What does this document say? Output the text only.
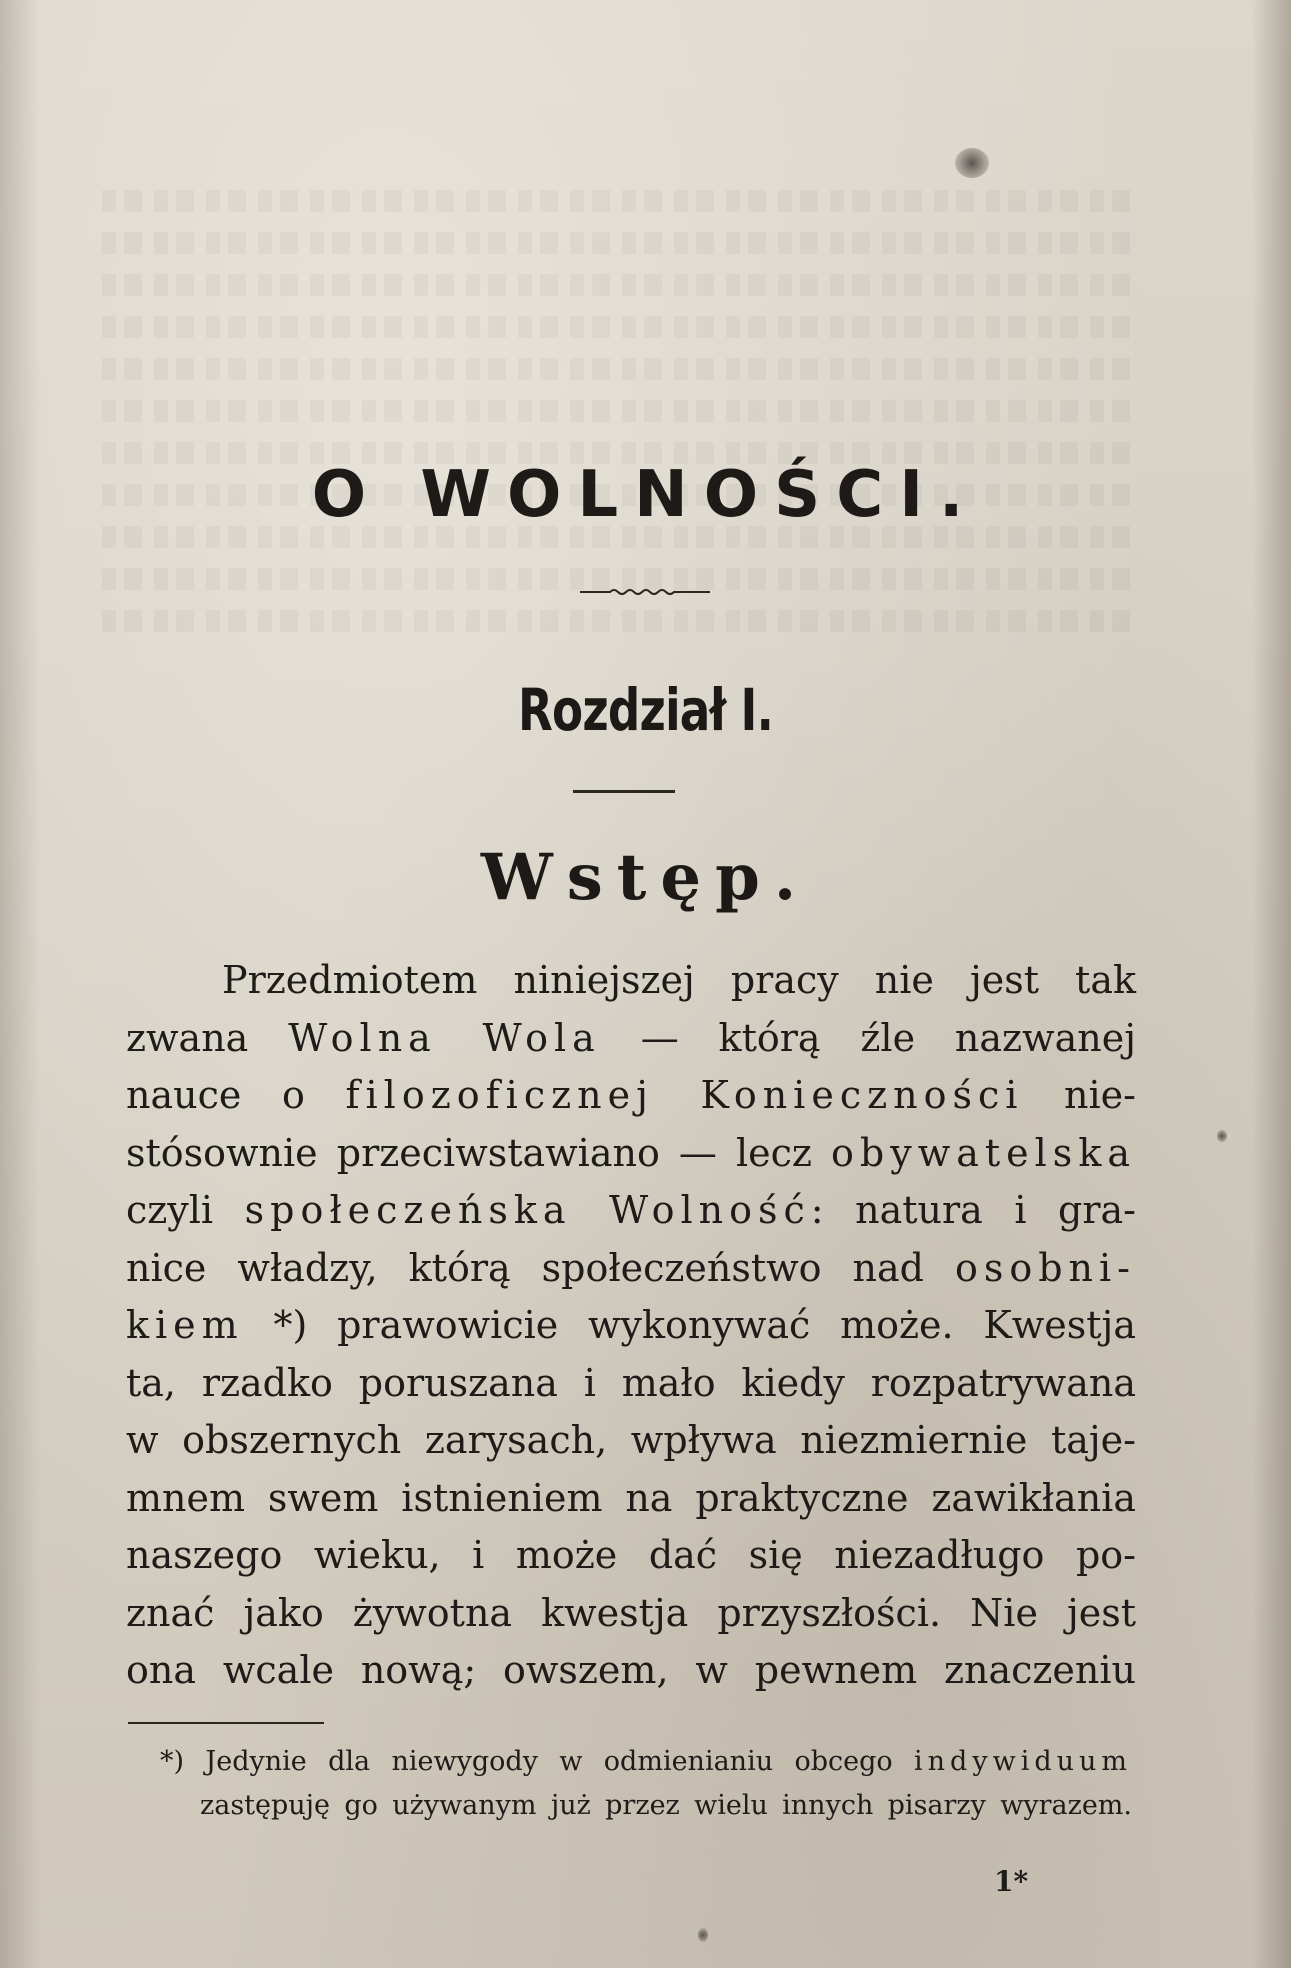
O WOLNOŚCI.
Rozdział I.
Wstęp.
Przedmiotem niniejszej pracy nie jest tak
zwana Wolna Wola — którą źle nazwanej
nauce o filozoficznej Konieczności nie-
stósownie przeciwstawiano — lecz obywatelska
czyli społeczeńska Wolność: natura i gra-
nice władzy, którą społeczeństwo nad osobni-
kiem *) prawowicie wykonywać może. Kwestja
ta, rzadko poruszana i mało kiedy rozpatrywana
w obszernych zarysach, wpływa niezmiernie taje-
mnem swem istnieniem na praktyczne zawikłania
naszego wieku, i może dać się niezadługo po-
znać jako żywotna kwestja przyszłości. Nie jest
ona wcale nową; owszem, w pewnem znaczeniu
*) Jedynie dla niewygody w odmienianiu obcego indywiduum
zastępuję go używanym już przez wielu innych pisarzy wyrazem.
1*
